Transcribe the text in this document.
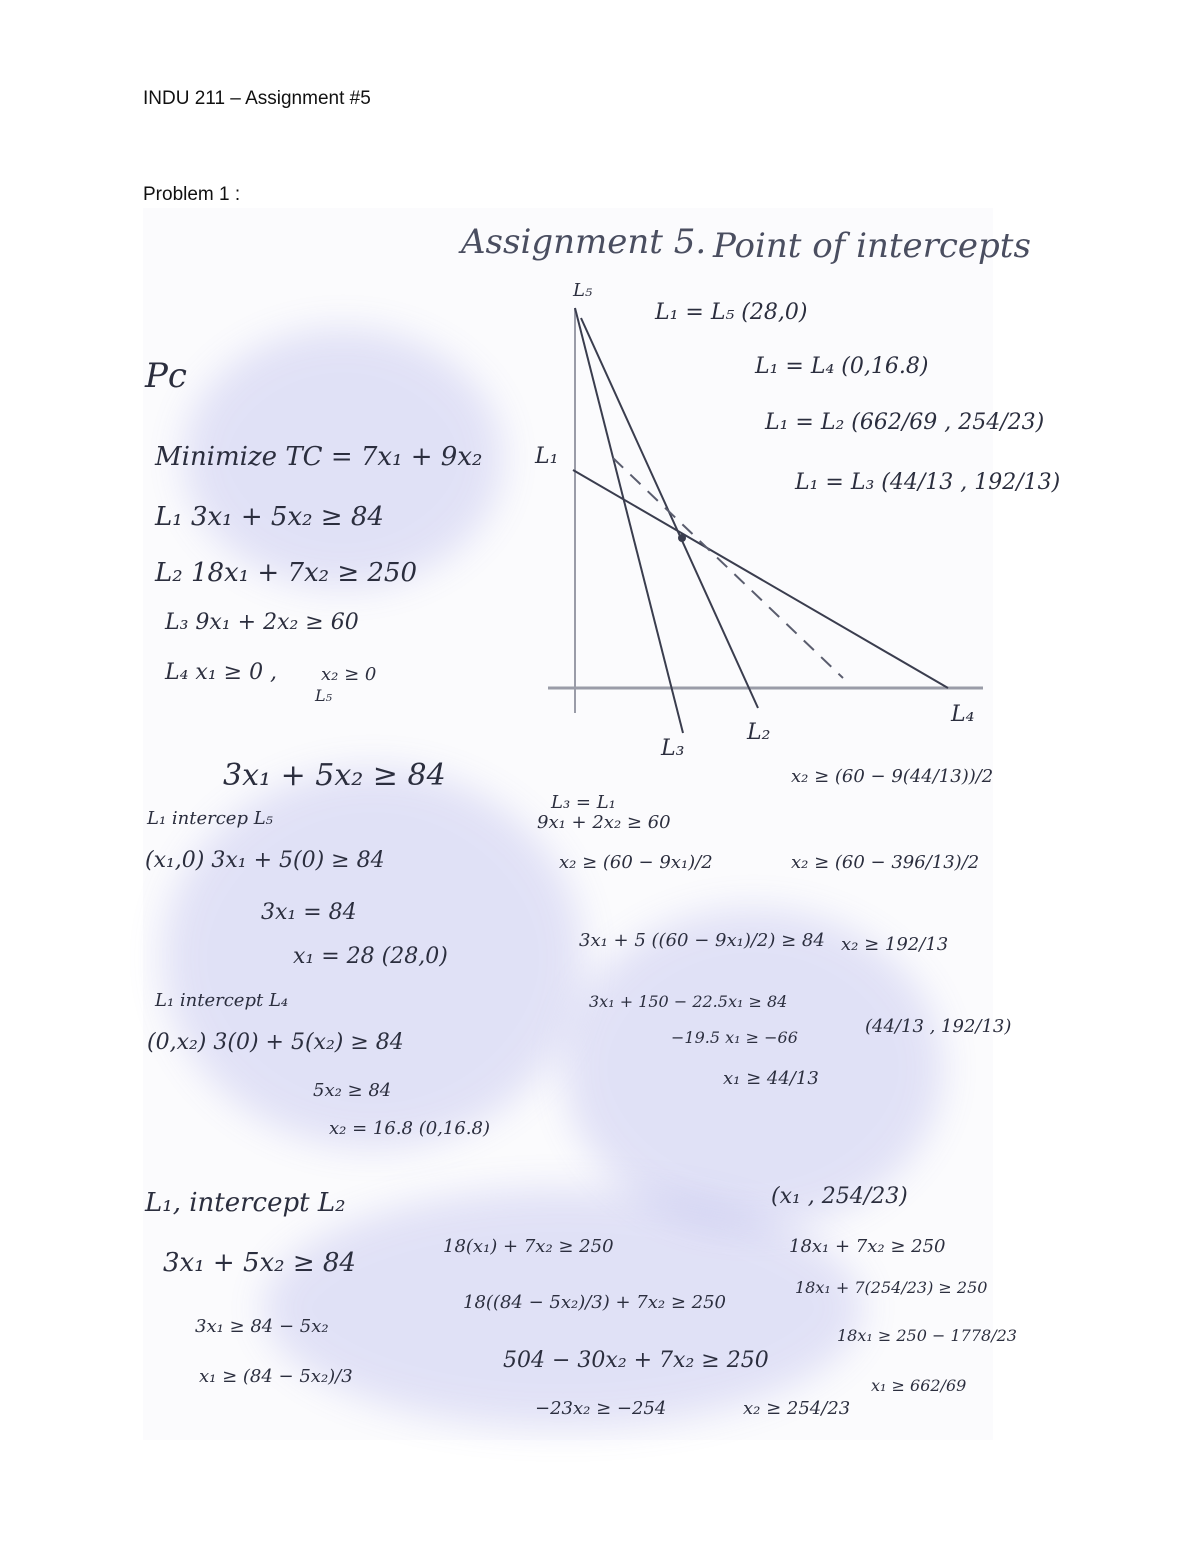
INDU 211 – Assignment #5
Problem 1 :
Assignment 5. Point of intercepts
L₅
L₁
L₃
L₂
L₄
L₁ = L₅ (28,0)
L₁ = L₄ (0,16.8)
L₁ = L₂ (662/69 , 254/23)
L₁ = L₃ (44/13 , 192/13)
Pc
Minimize TC = 7x₁ + 9x₂
L₁ 3x₁ + 5x₂ ≥ 84
L₂ 18x₁ + 7x₂ ≥ 250
L₃ 9x₁ + 2x₂ ≥ 60
L₄ x₁ ≥ 0 , x₂ ≥ 0
L₅
3x₁ + 5x₂ ≥ 84
L₁ intercep L₅
(x₁,0) 3x₁ + 5(0) ≥ 84
3x₁ = 84
x₁ = 28 (28,0)
L₁ intercept L₄
(0,x₂) 3(0) + 5(x₂) ≥ 84
5x₂ ≥ 84
x₂ = 16.8 (0,16.8)
L₃ = L₁
9x₁ + 2x₂ ≥ 60
x₂ ≥ (60 − 9x₁)/2
3x₁ + 5 ((60 − 9x₁)/2) ≥ 84
3x₁ + 150 − 22.5x₁ ≥ 84
−19.5 x₁ ≥ −66
x₁ ≥ 44/13
x₂ ≥ (60 − 9(44/13))/2
x₂ ≥ (60 − 396/13)/2
x₂ ≥ 192/13
(44/13 , 192/13)
L₁, intercept L₂
3x₁ + 5x₂ ≥ 84
3x₁ ≥ 84 − 5x₂
x₁ ≥ (84 − 5x₂)/3
18(x₁) + 7x₂ ≥ 250
18((84 − 5x₂)/3) + 7x₂ ≥ 250
504 − 30x₂ + 7x₂ ≥ 250
−23x₂ ≥ −254	x₂ ≥ 254/23
(x₁ , 254/23)
18x₁ + 7x₂ ≥ 250
18x₁ + 7(254/23) ≥ 250
18x₁ ≥ 250 − 1778/23
x₁ ≥ 662/69
